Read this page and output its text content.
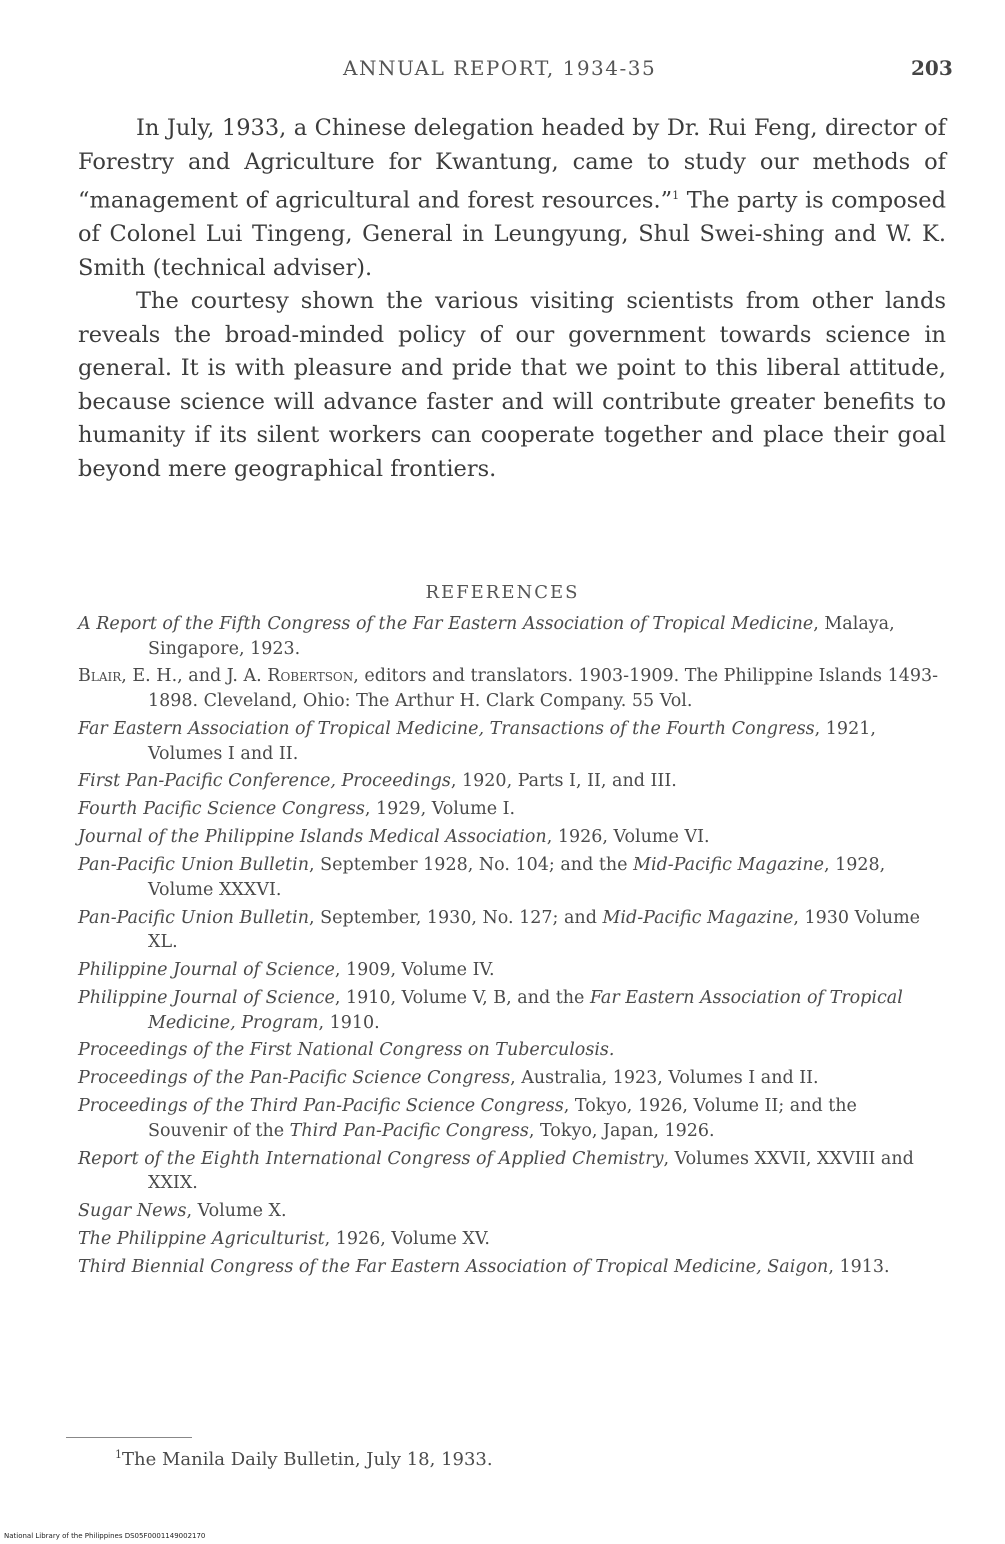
ANNUAL REPORT, 1934-35	203

In July, 1933, a Chinese delegation headed by Dr. Rui Feng, director of Forestry and Agriculture for Kwantung, came to study our methods of “management of agricultural and forest resources.”$^1$ The party is composed of Colonel Lui Tingeng, General in Leungyung, Shul Swei-shing and W. K. Smith (technical adviser).

The courtesy shown the various visiting scientists from other lands reveals the broad-minded policy of our government towards science in general. It is with pleasure and pride that we point to this liberal attitude, because science will advance faster and will contribute greater benefits to humanity if its silent workers can cooperate together and place their goal beyond mere geographical frontiers.

REFERENCES

A Report of the Fifth Congress of the Far Eastern Association of Tropical Medicine, Malaya, Singapore, 1923.

Blair, E. H., and J. A. Robertson, editors and translators. 1903-1909. The Philippine Islands 1493-1898. Cleveland, Ohio: The Arthur H. Clark Company. 55 Vol.

Far Eastern Association of Tropical Medicine, Transactions of the Fourth Congress, 1921, Volumes I and II.

First Pan-Pacific Conference, Proceedings, 1920, Parts I, II, and III.

Fourth Pacific Science Congress, 1929, Volume I.

Journal of the Philippine Islands Medical Association, 1926, Volume VI.

Pan-Pacific Union Bulletin, September 1928, No. 104; and the Mid-Pacific Magazine, 1928, Volume XXXVI.

Pan-Pacific Union Bulletin, September, 1930, No. 127; and Mid-Pacific Magazine, 1930 Volume XL.

Philippine Journal of Science, 1909, Volume IV.

Philippine Journal of Science, 1910, Volume V, B, and the Far Eastern Association of Tropical Medicine, Program, 1910.

Proceedings of the First National Congress on Tuberculosis.

Proceedings of the Pan-Pacific Science Congress, Australia, 1923, Volumes I and II.

Proceedings of the Third Pan-Pacific Science Congress, Tokyo, 1926, Volume II; and the Souvenir of the Third Pan-Pacific Congress, Tokyo, Japan, 1926.

Report of the Eighth International Congress of Applied Chemistry, Volumes XXVII, XXVIII and XXIX.

Sugar News, Volume X.

The Philippine Agriculturist, 1926, Volume XV.

Third Biennial Congress of the Far Eastern Association of Tropical Medicine, Saigon, 1913.

$^1$The Manila Daily Bulletin, July 18, 1933.
National Library of the Philippines DS05F0001149002170
